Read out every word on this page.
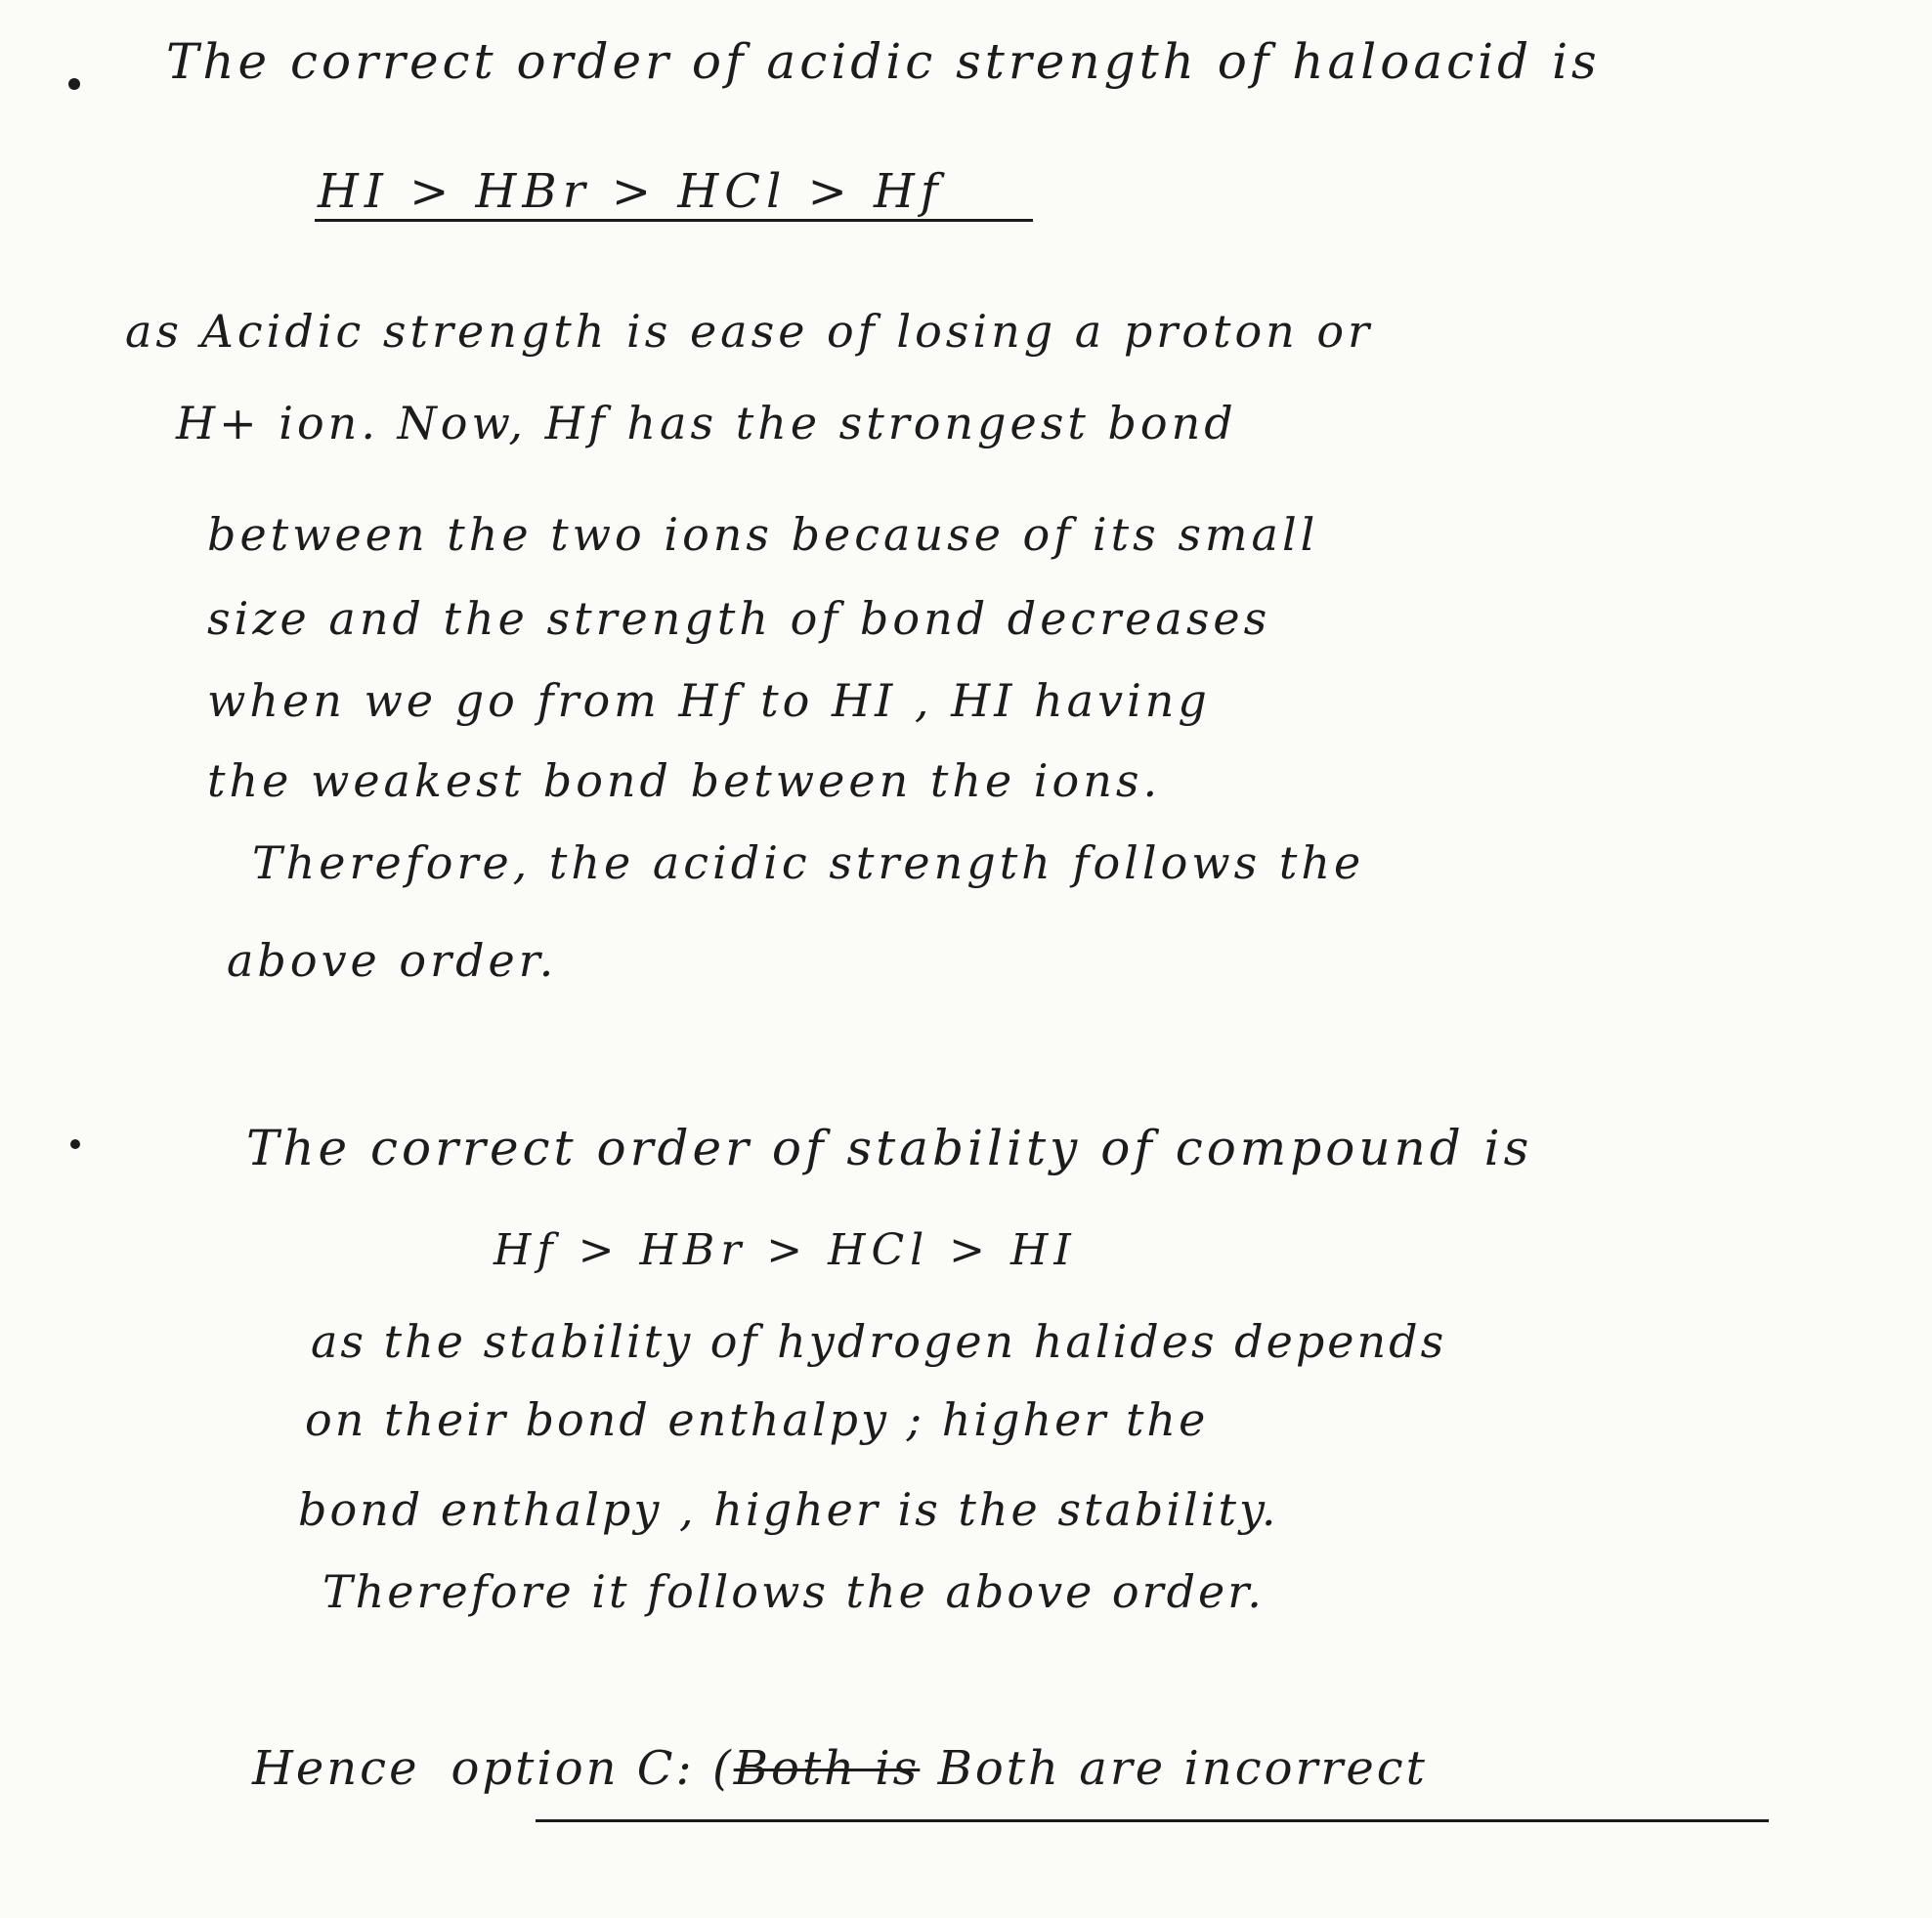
The correct order of acidic strength of haloacid is
HI > HBr > HCl > Hf
as Acidic strength is ease of losing a proton or
H+ ion. Now, Hf has the strongest bond
between the two ions because of its small
size and the strength of bond decreases
when we go from Hf to HI , HI having
the weakest bond between the ions.
Therefore, the acidic strength follows the
above order.
The correct order of stability of compound is
Hf > HBr > HCl > HI
as the stability of hydrogen halides depends
on their bond enthalpy ; higher the
bond enthalpy , higher is the stability.
Therefore it follows the above order.
Hence option C: (Both is Both are incorrect
